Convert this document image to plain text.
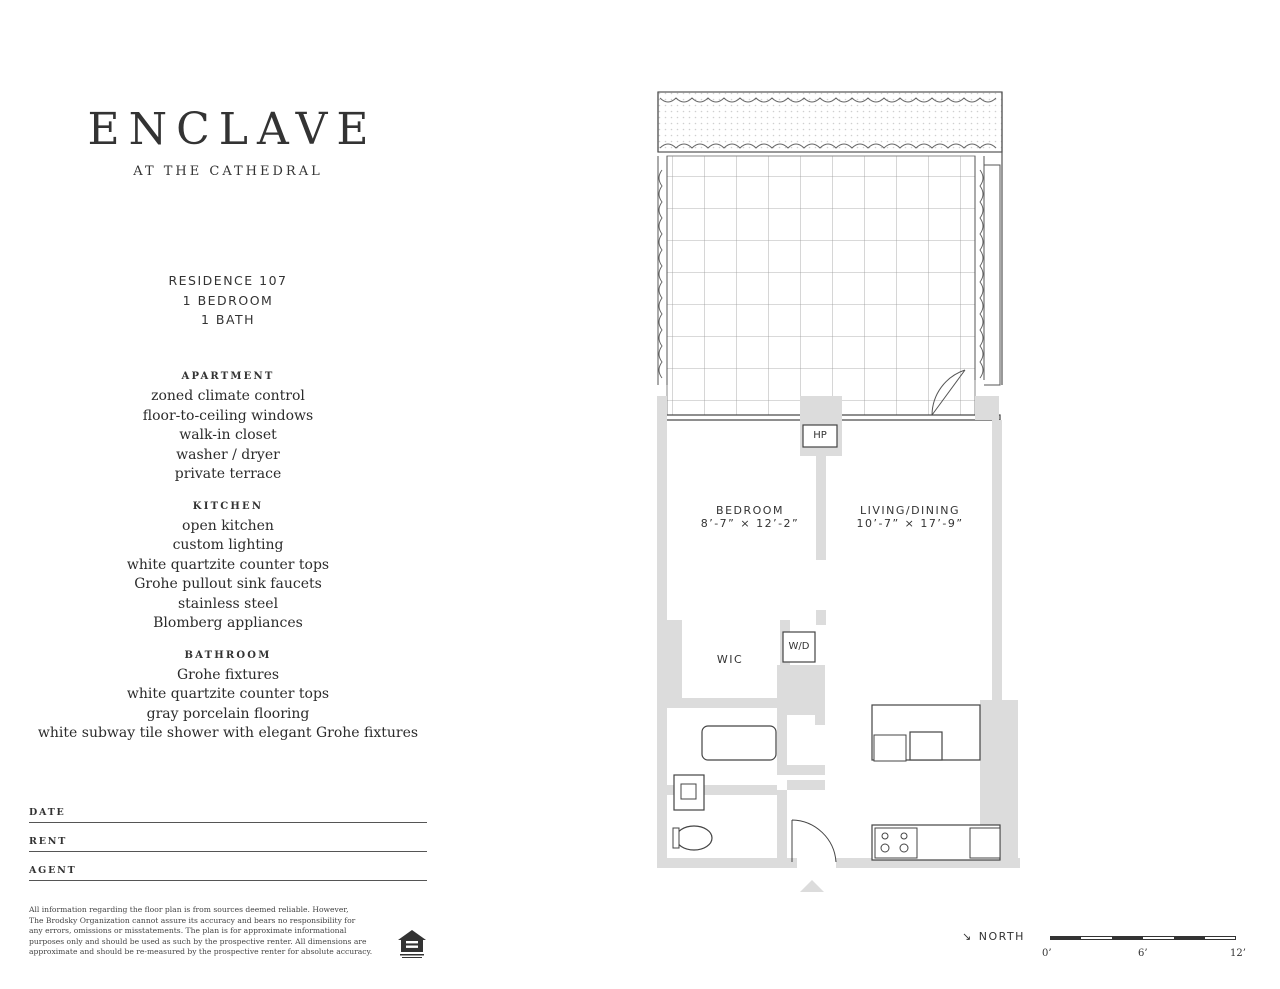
ENCLAVE
AT THE CATHEDRAL
RESIDENCE 107
1 BEDROOM
1 BATH
APARTMENT
zoned climate control
floor-to-ceiling windows
walk-in closet
washer / dryer
private terrace
KITCHEN
open kitchen
custom lighting
white quartzite counter tops
Grohe pullout sink faucets
stainless steel
Blomberg appliances
BATHROOM
Grohe fixtures
white quartzite counter tops
gray porcelain flooring
white subway tile shower with elegant Grohe fixtures
DATE
RENT
AGENT
All information regarding the floor plan is from sources deemed reliable. However,
The Brodsky Organization cannot assure its accuracy and bears no responsibility for
any errors, omissions or misstatements. The plan is for approximate informational
purposes only and should be used as such by the prospective renter. All dimensions are
approximate and should be re-measured by the prospective renter for absolute accuracy.
BEDROOM
8’-7” × 12’-2”
LIVING/DINING
10’-7” × 17’-9”
WIC
HP
W/D
↘ NORTH
0’	6’	12’
